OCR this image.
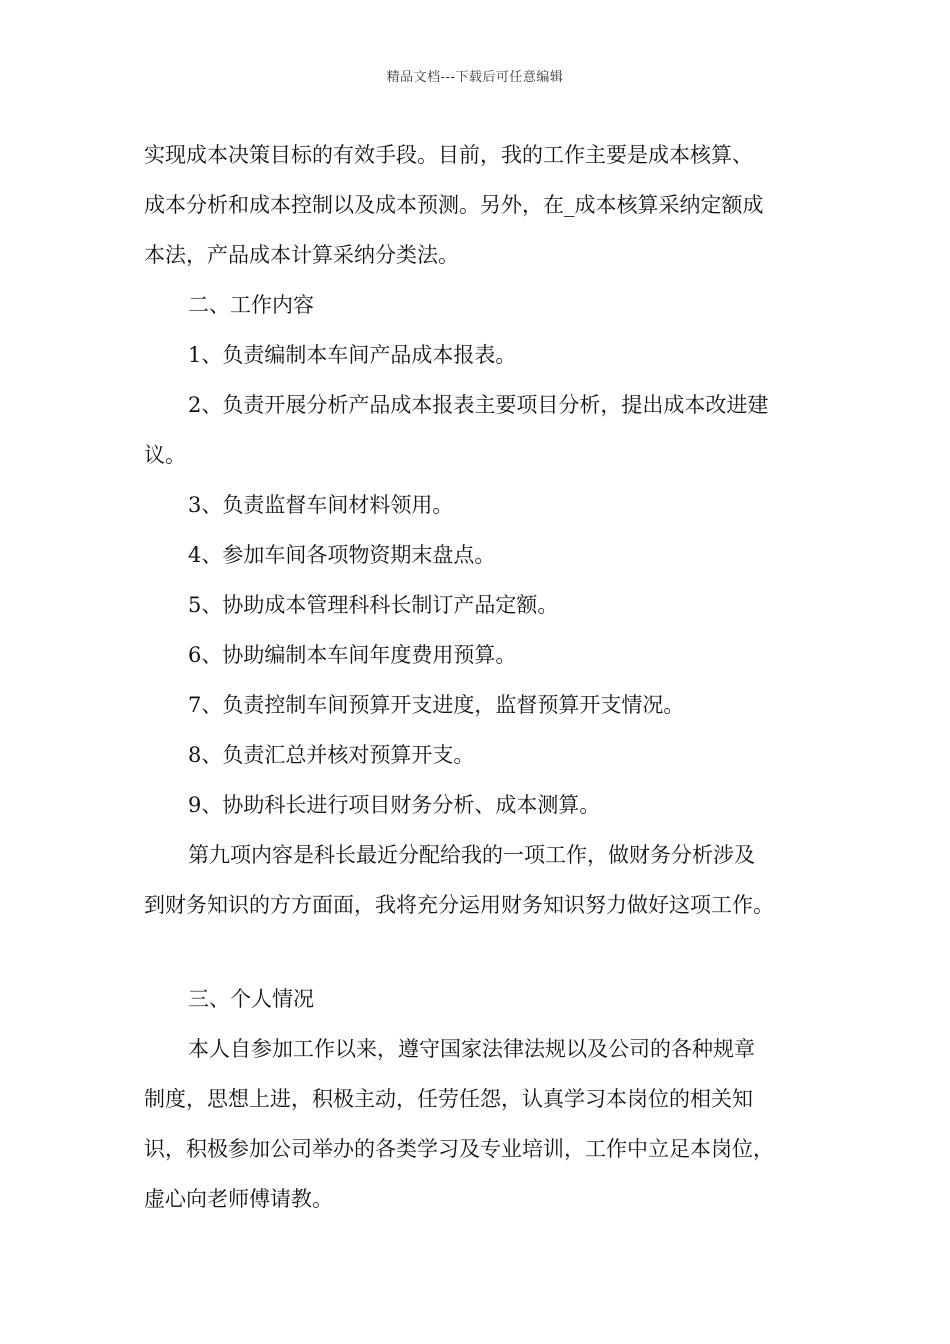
精品文档---下载后可任意编辑
实现成本决策目标的有效手段。目前，我的工作主要是成本核算、
成本分析和成本控制以及成本预测。另外，在_成本核算采纳定额成
本法，产品成本计算采纳分类法。
二、工作内容
1、负责编制本车间产品成本报表。
2、负责开展分析产品成本报表主要项目分析，提出成本改进建
议。
3、负责监督车间材料领用。
4、参加车间各项物资期末盘点。
5、协助成本管理科科长制订产品定额。
6、协助编制本车间年度费用预算。
7、负责控制车间预算开支进度，监督预算开支情况。
8、负责汇总并核对预算开支。
9、协助科长进行项目财务分析、成本测算。
第九项内容是科长最近分配给我的一项工作，做财务分析涉及
到财务知识的方方面面，我将充分运用财务知识努力做好这项工作。
三、个人情况
本人自参加工作以来，遵守国家法律法规以及公司的各种规章
制度，思想上进，积极主动，任劳任怨，认真学习本岗位的相关知
识，积极参加公司举办的各类学习及专业培训，工作中立足本岗位，
虚心向老师傅请教。
